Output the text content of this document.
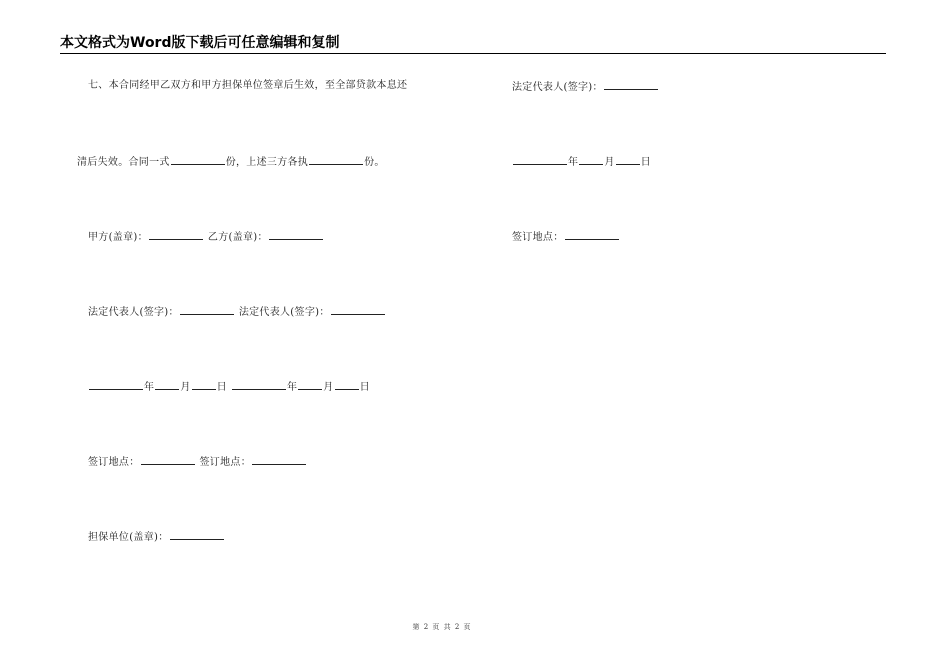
本文格式为Word版下载后可任意编辑和复制
七、本合同经甲乙双方和甲方担保单位签章后生效，至全部贷款本息还
清后失效。合同一式	份，上述三方各执	份。
甲方(盖章)：	乙方(盖章)：
法定代表人(签字)：	法定代表人(签字)：
年	月	日	年	月	日
签订地点：	签订地点：
担保单位(盖章)：
法定代表人(签字)：
年	月	日
签订地点：
第 2 页 共 2 页
